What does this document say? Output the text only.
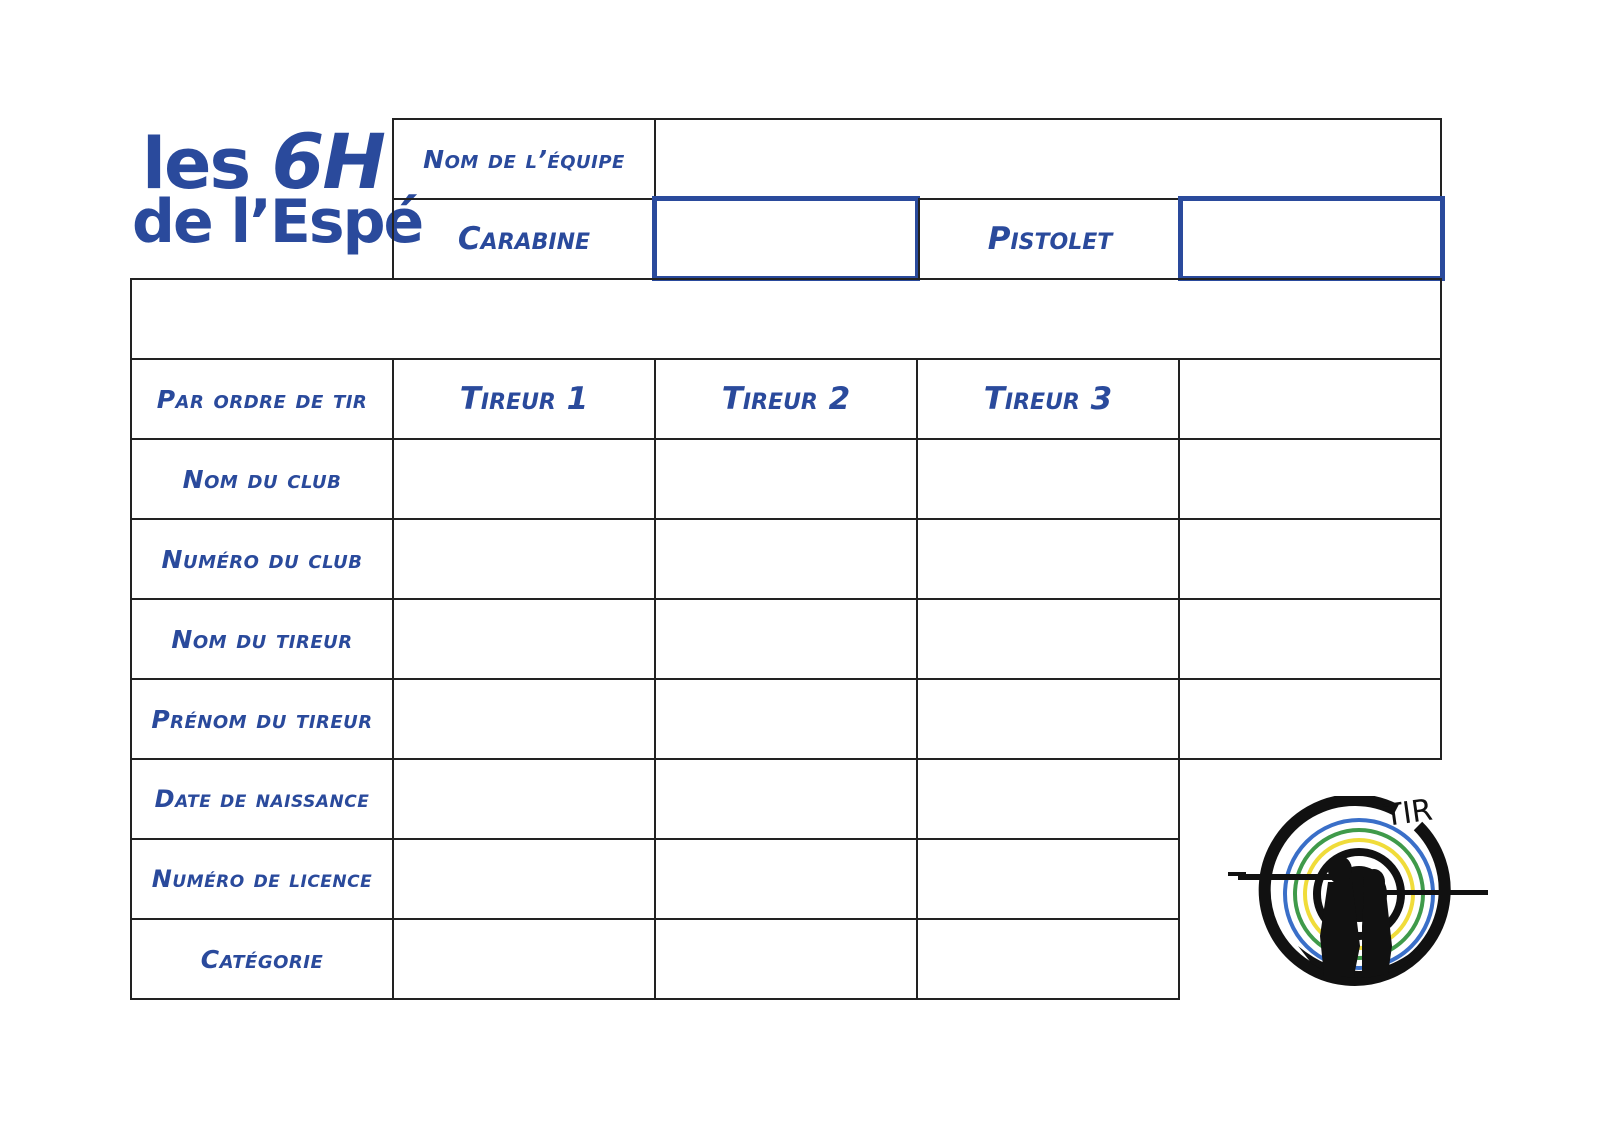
les 6H
de l’Espé
Nom de l’équipe
Carabine	Pistolet
Par ordre de tir	Tireur 1	Tireur 2	Tireur 3
Nom du club
Numéro du club
Nom du tireur
Prénom du tireur
Date de naissance
Numéro de licence
Catégorie
TIR
